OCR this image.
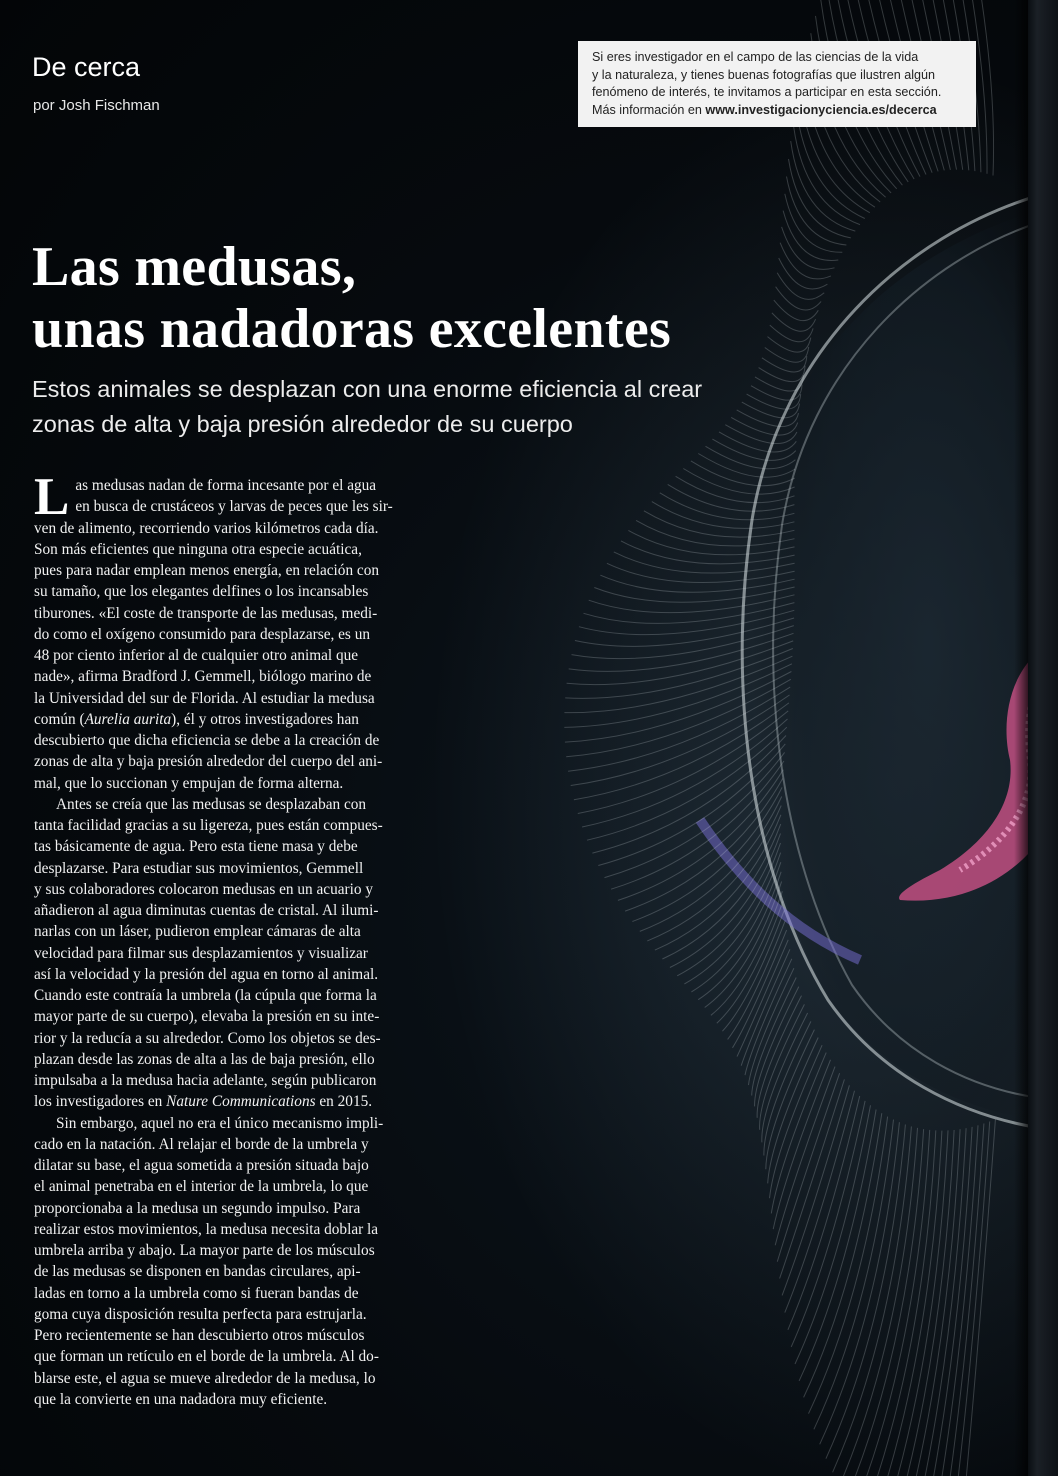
De cerca
por Josh Fischman
Si eres investigador en el campo de las ciencias de la vida
y la naturaleza, y tienes buenas fotografías que ilustren algún
fenómeno de interés, te invitamos a participar en esta sección.
Más información en www.investigacionyciencia.es/decerca
Las medusas,
unas nadadoras excelentes
Estos animales se desplazan con una enorme eficiencia al crear
zonas de alta y baja presión alrededor de su cuerpo
L as medusas nadan de forma incesante por el agua
en busca de crustáceos y larvas de peces que les sir-
ven de alimento, recorriendo varios kilómetros cada día.
Son más eficientes que ninguna otra especie acuática,
pues para nadar emplean menos energía, en relación con
su tamaño, que los elegantes delfines o los incansables
tiburones. «El coste de transporte de las medusas, medi-
do como el oxígeno consumido para desplazarse, es un
48 por ciento inferior al de cualquier otro animal que
nade», afirma Bradford J. Gemmell, biólogo marino de
la Universidad del sur de Florida. Al estudiar la medusa
común (Aurelia aurita), él y otros investigadores han
descubierto que dicha eficiencia se debe a la creación de
zonas de alta y baja presión alrededor del cuerpo del ani-
mal, que lo succionan y empujan de forma alterna.
Antes se creía que las medusas se desplazaban con
tanta facilidad gracias a su ligereza, pues están compues-
tas básicamente de agua. Pero esta tiene masa y debe
desplazarse. Para estudiar sus movimientos, Gemmell
y sus colaboradores colocaron medusas en un acuario y
añadieron al agua diminutas cuentas de cristal. Al ilumi-
narlas con un láser, pudieron emplear cámaras de alta
velocidad para filmar sus desplazamientos y visualizar
así la velocidad y la presión del agua en torno al animal.
Cuando este contraía la umbrela (la cúpula que forma la
mayor parte de su cuerpo), elevaba la presión en su inte-
rior y la reducía a su alrededor. Como los objetos se des-
plazan desde las zonas de alta a las de baja presión, ello
impulsaba a la medusa hacia adelante, según publicaron
los investigadores en Nature Communications en 2015.
Sin embargo, aquel no era el único mecanismo impli-
cado en la natación. Al relajar el borde de la umbrela y
dilatar su base, el agua sometida a presión situada bajo
el animal penetraba en el interior de la umbrela, lo que
proporcionaba a la medusa un segundo impulso. Para
realizar estos movimientos, la medusa necesita doblar la
umbrela arriba y abajo. La mayor parte de los músculos
de las medusas se disponen en bandas circulares, api-
ladas en torno a la umbrela como si fueran bandas de
goma cuya disposición resulta perfecta para estrujarla.
Pero recientemente se han descubierto otros músculos
que forman un retículo en el borde de la umbrela. Al do-
blarse este, el agua se mueve alrededor de la medusa, lo
que la convierte en una nadadora muy eficiente.
